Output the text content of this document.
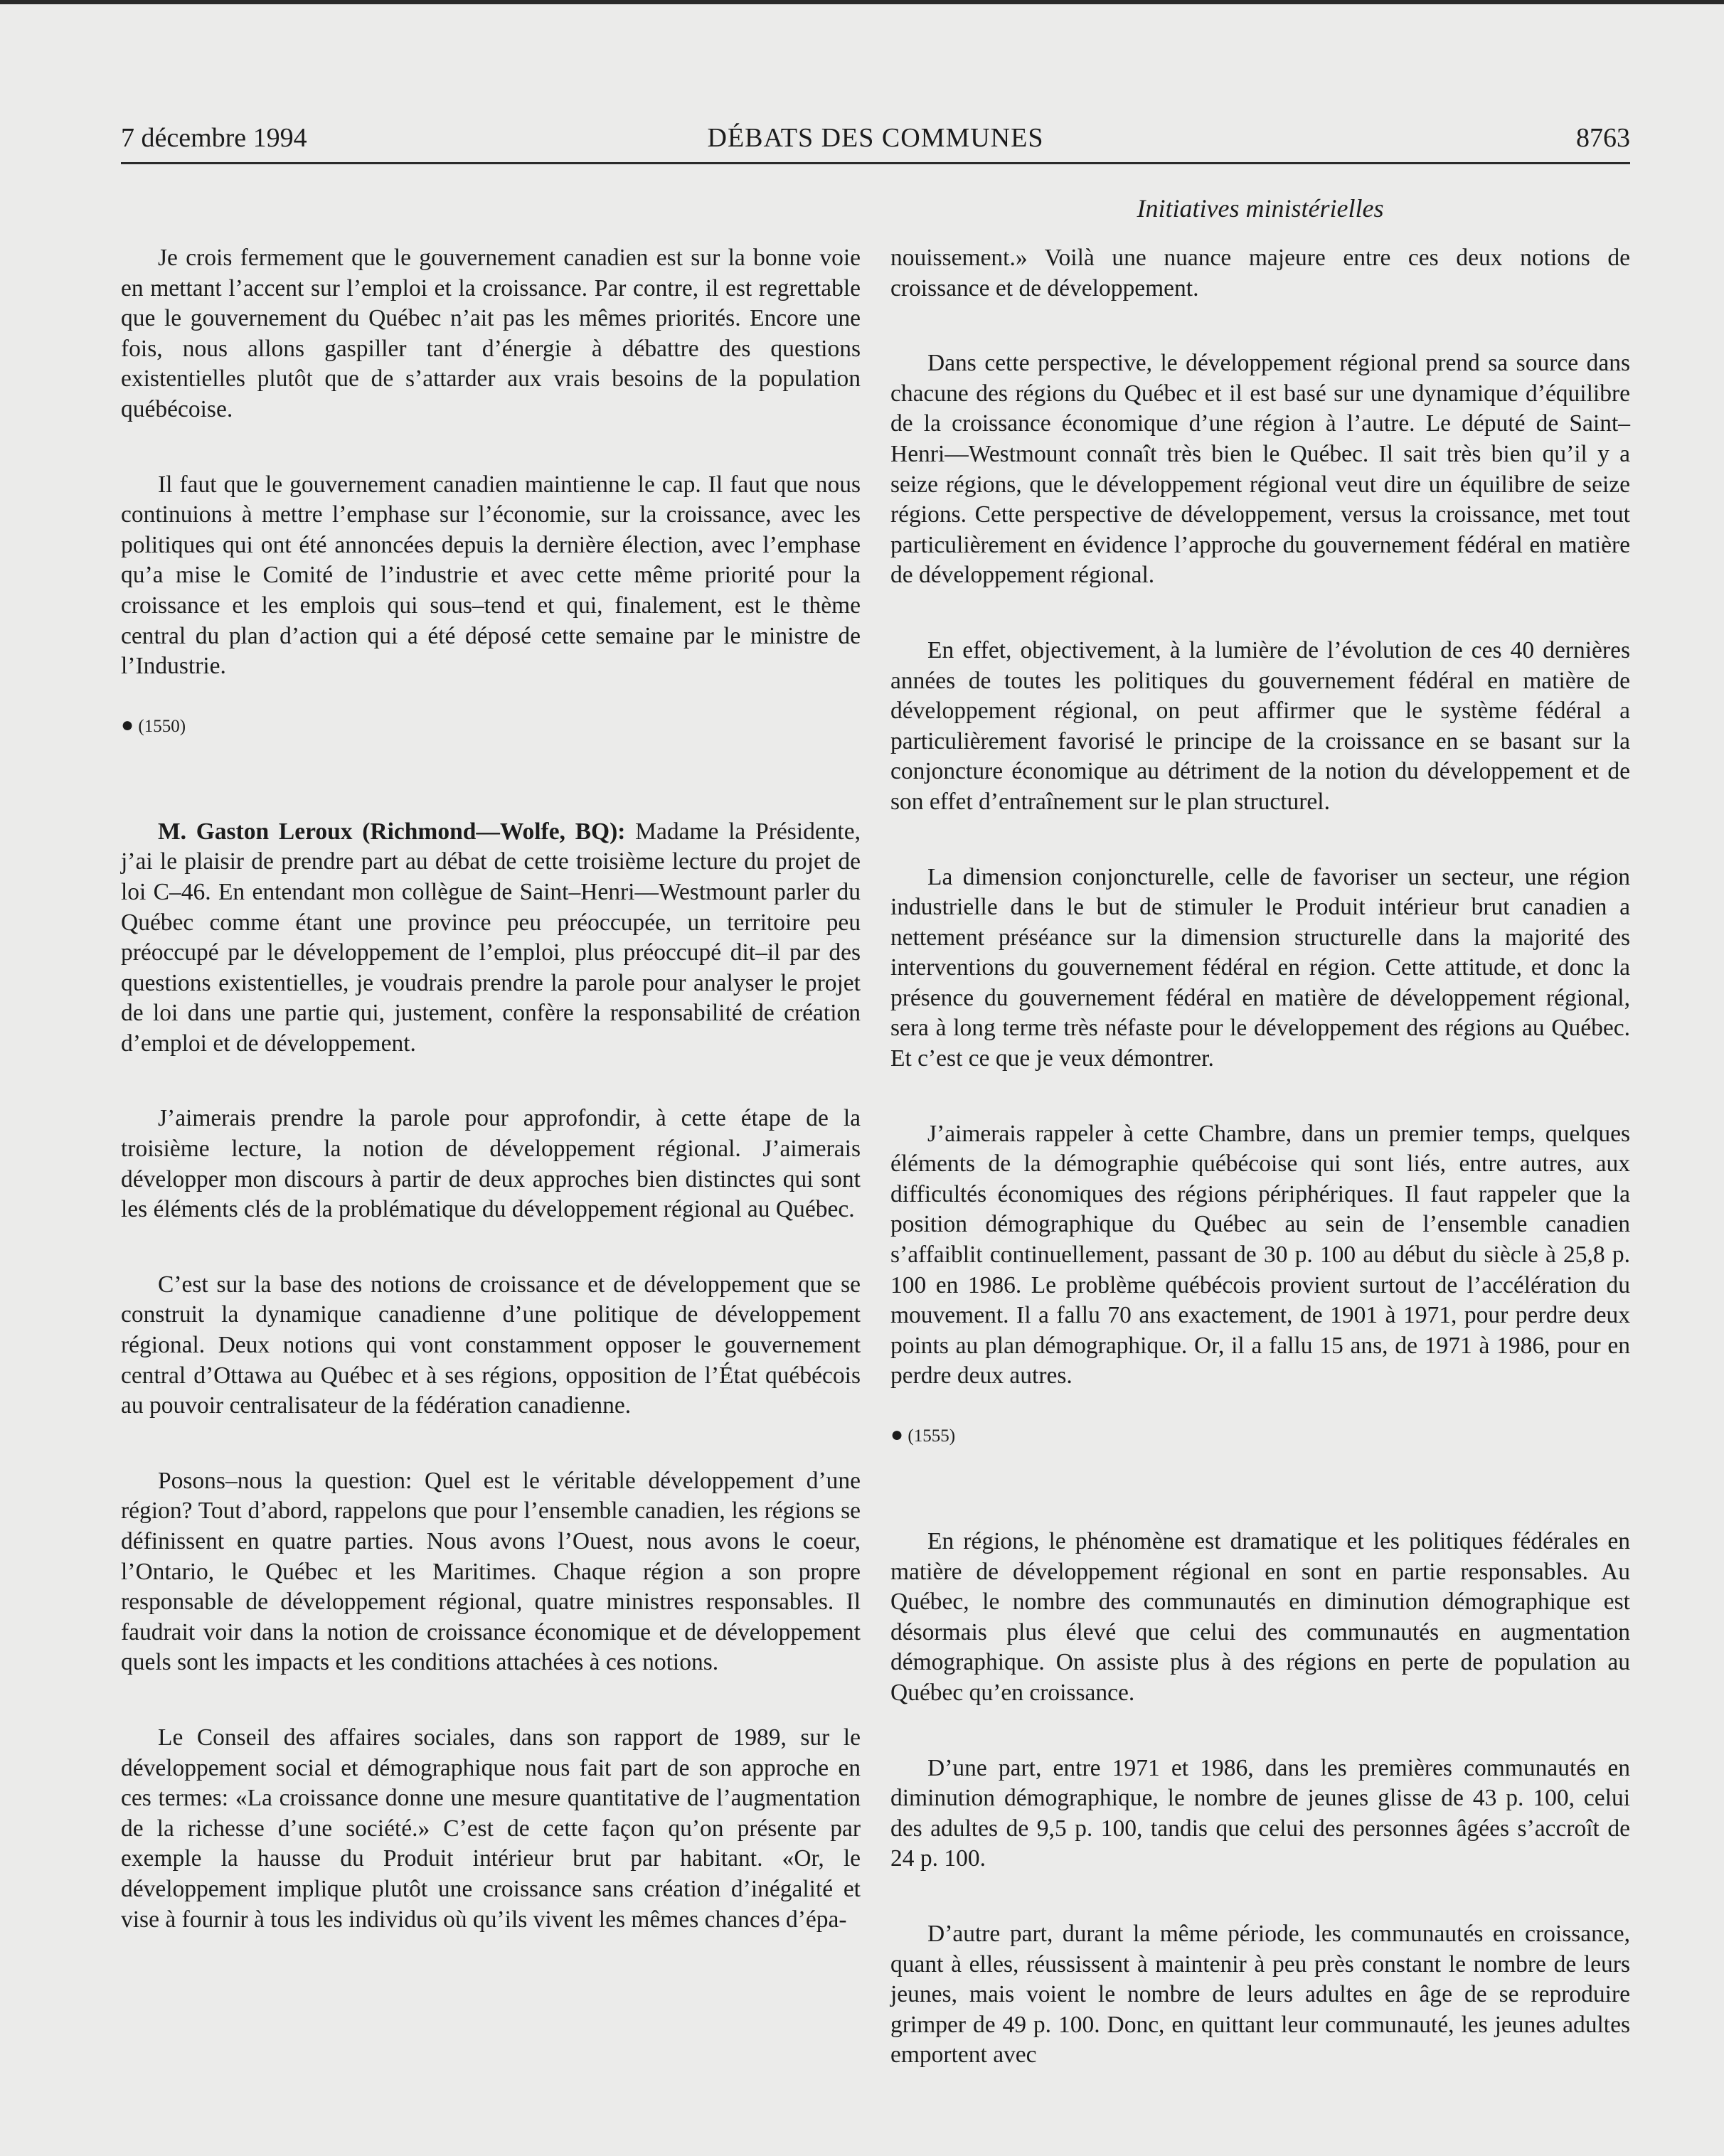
7 décembre 1994	DÉBATS DES COMMUNES	8763
Initiatives ministérielles

Je crois fermement que le gouvernement canadien est sur la bonne voie en mettant l’accent sur l’emploi et la croissance. Par contre, il est regrettable que le gouvernement du Québec n’ait pas les mêmes priorités. Encore une fois, nous allons gaspiller tant d’énergie à débattre des questions existentielles plutôt que de s’attarder aux vrais besoins de la population québécoise.

Il faut que le gouvernement canadien maintienne le cap. Il faut que nous continuions à mettre l’emphase sur l’économie, sur la croissance, avec les politiques qui ont été annoncées depuis la dernière élection, avec l’emphase qu’a mise le Comité de l’industrie et avec cette même priorité pour la croissance et les emplois qui sous–tend et qui, finalement, est le thème central du plan d’action qui a été déposé cette semaine par le ministre de l’Industrie.

● (1550)

M. Gaston Leroux (Richmond—Wolfe, BQ): Madame la Présidente, j’ai le plaisir de prendre part au débat de cette troisième lecture du projet de loi C–46. En entendant mon collègue de Saint–Henri—Westmount parler du Québec comme étant une province peu préoccupée, un territoire peu préoccupé par le développement de l’emploi, plus préoccupé dit–il par des questions existentielles, je voudrais prendre la parole pour analyser le projet de loi dans une partie qui, justement, confère la responsabilité de création d’emploi et de développement.

J’aimerais prendre la parole pour approfondir, à cette étape de la troisième lecture, la notion de développement régional. J’aimerais développer mon discours à partir de deux approches bien distinctes qui sont les éléments clés de la problématique du développement régional au Québec.

C’est sur la base des notions de croissance et de développement que se construit la dynamique canadienne d’une politique de développement régional. Deux notions qui vont constamment opposer le gouvernement central d’Ottawa au Québec et à ses régions, opposition de l’État québécois au pouvoir centralisateur de la fédération canadienne.

Posons–nous la question: Quel est le véritable développement d’une région? Tout d’abord, rappelons que pour l’ensemble canadien, les régions se définissent en quatre parties. Nous avons l’Ouest, nous avons le coeur, l’Ontario, le Québec et les Maritimes. Chaque région a son propre responsable de développement régional, quatre ministres responsables. Il faudrait voir dans la notion de croissance économique et de développement quels sont les impacts et les conditions attachées à ces notions.

Le Conseil des affaires sociales, dans son rapport de 1989, sur le développement social et démographique nous fait part de son approche en ces termes: «La croissance donne une mesure quantitative de l’augmentation de la richesse d’une société.» C’est de cette façon qu’on présente par exemple la hausse du Produit intérieur brut par habitant. «Or, le développement implique plutôt une croissance sans création d’inégalité et vise à fournir à tous les individus où qu’ils vivent les mêmes chances d’épa-

nouissement.» Voilà une nuance majeure entre ces deux notions de croissance et de développement.

Dans cette perspective, le développement régional prend sa source dans chacune des régions du Québec et il est basé sur une dynamique d’équilibre de la croissance économique d’une région à l’autre. Le député de Saint–Henri—Westmount connaît très bien le Québec. Il sait très bien qu’il y a seize régions, que le développement régional veut dire un équilibre de seize régions. Cette perspective de développement, versus la croissance, met tout particulièrement en évidence l’approche du gouvernement fédéral en matière de développement régional.

En effet, objectivement, à la lumière de l’évolution de ces 40 dernières années de toutes les politiques du gouvernement fédéral en matière de développement régional, on peut affirmer que le système fédéral a particulièrement favorisé le principe de la croissance en se basant sur la conjoncture économique au détriment de la notion du développement et de son effet d’entraînement sur le plan structurel.

La dimension conjoncturelle, celle de favoriser un secteur, une région industrielle dans le but de stimuler le Produit intérieur brut canadien a nettement préséance sur la dimension structurelle dans la majorité des interventions du gouvernement fédéral en région. Cette attitude, et donc la présence du gouvernement fédéral en matière de développement régional, sera à long terme très néfaste pour le développement des régions au Québec. Et c’est ce que je veux démontrer.

J’aimerais rappeler à cette Chambre, dans un premier temps, quelques éléments de la démographie québécoise qui sont liés, entre autres, aux difficultés économiques des régions périphériques. Il faut rappeler que la position démographique du Québec au sein de l’ensemble canadien s’affaiblit continuellement, passant de 30 p. 100 au début du siècle à 25,8 p. 100 en 1986. Le problème québécois provient surtout de l’accélération du mouvement. Il a fallu 70 ans exactement, de 1901 à 1971, pour perdre deux points au plan démographique. Or, il a fallu 15 ans, de 1971 à 1986, pour en perdre deux autres.

● (1555)

En régions, le phénomène est dramatique et les politiques fédérales en matière de développement régional en sont en partie responsables. Au Québec, le nombre des communautés en diminution démographique est désormais plus élevé que celui des communautés en augmentation démographique. On assiste plus à des régions en perte de population au Québec qu’en croissance.

D’une part, entre 1971 et 1986, dans les premières communautés en diminution démographique, le nombre de jeunes glisse de 43 p. 100, celui des adultes de 9,5 p. 100, tandis que celui des personnes âgées s’accroît de 24 p. 100.

D’autre part, durant la même période, les communautés en croissance, quant à elles, réussissent à maintenir à peu près constant le nombre de leurs jeunes, mais voient le nombre de leurs adultes en âge de se reproduire grimper de 49 p. 100. Donc, en quittant leur communauté, les jeunes adultes emportent avec
